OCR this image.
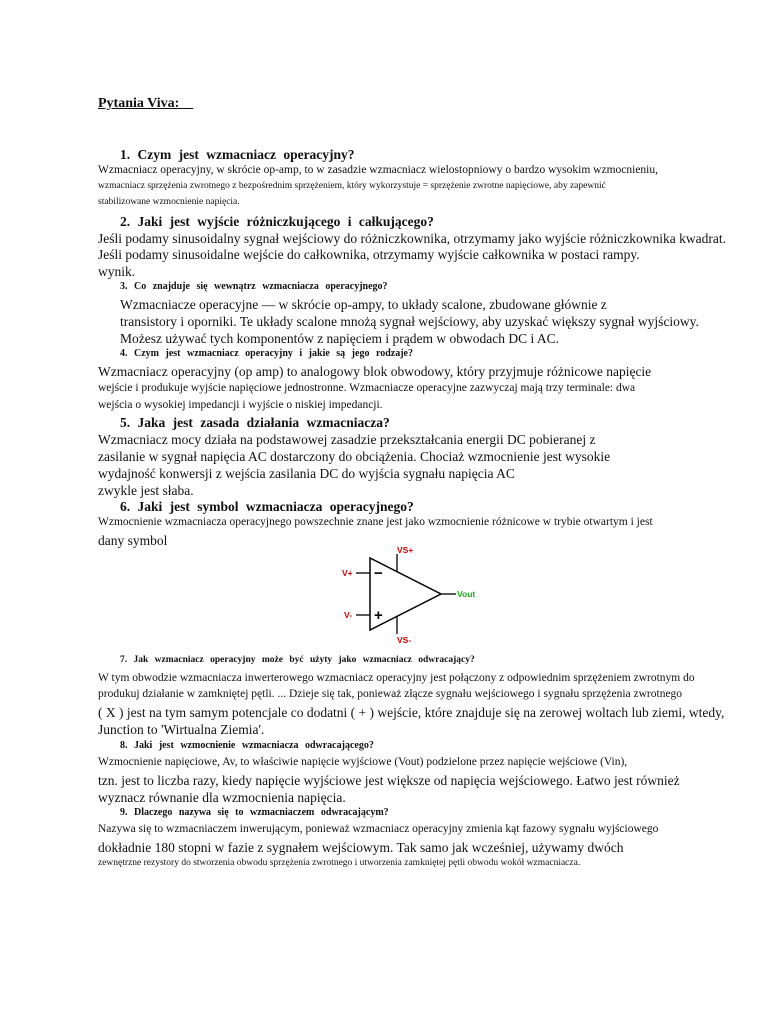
Pytania Viva:
1. Czym jest wzmacniacz operacyjny?
Wzmacniacz operacyjny, w skrócie op-amp, to w zasadzie wzmacniacz wielostopniowy o bardzo wysokim wzmocnieniu,
wzmacniacz sprzężenia zwrotnego z bezpośrednim sprzężeniem, który wykorzystuje = sprzężenie zwrotne napięciowe, aby zapewnić
stabilizowane wzmocnienie napięcia.
2. Jaki jest wyjście różniczkującego i całkującego?
Jeśli podamy sinusoidalny sygnał wejściowy do różniczkownika, otrzymamy jako wyjście różniczkownika kwadrat.
Jeśli podamy sinusoidalne wejście do całkownika, otrzymamy wyjście całkownika w postaci rampy.
wynik.
3. Co znajduje się wewnątrz wzmacniacza operacyjnego?
Wzmacniacze operacyjne — w skrócie op-ampy, to układy scalone, zbudowane głównie z
transistory i oporniki. Te układy scalone mnożą sygnał wejściowy, aby uzyskać większy sygnał wyjściowy.
Możesz używać tych komponentów z napięciem i prądem w obwodach DC i AC.
4. Czym jest wzmacniacz operacyjny i jakie są jego rodzaje?
Wzmacniacz operacyjny (op amp) to analogowy blok obwodowy, który przyjmuje różnicowe napięcie
wejście i produkuje wyjście napięciowe jednostronne. Wzmacniacze operacyjne zazwyczaj mają trzy terminale: dwa
wejścia o wysokiej impedancji i wyjście o niskiej impedancji.
5. Jaka jest zasada działania wzmacniacza?
Wzmacniacz mocy działa na podstawowej zasadzie przekształcania energii DC pobieranej z
zasilanie w sygnał napięcia AC dostarczony do obciążenia. Chociaż wzmocnienie jest wysokie
wydajność konwersji z wejścia zasilania DC do wyjścia sygnału napięcia AC
zwykle jest słaba.
6. Jaki jest symbol wzmacniacza operacyjnego?
Wzmocnienie wzmacniacza operacyjnego powszechnie znane jest jako wzmocnienie różnicowe w trybie otwartym i jest
dany symbol
VS+
VS-
V+
V-
Vout
−
+
7. Jak wzmacniacz operacyjny może być użyty jako wzmacniacz odwracający?
W tym obwodzie wzmacniacza inwerterowego wzmacniacz operacyjny jest połączony z odpowiednim sprzężeniem zwrotnym do
produkuj działanie w zamkniętej pętli. ... Dzieje się tak, ponieważ złącze sygnału wejściowego i sygnału sprzężenia zwrotnego
( X ) jest na tym samym potencjale co dodatni ( + ) wejście, które znajduje się na zerowej woltach lub ziemi, wtedy,
Junction to 'Wirtualna Ziemia'.
8. Jaki jest wzmocnienie wzmacniacza odwracającego?
Wzmocnienie napięciowe, Av, to właściwie napięcie wyjściowe (Vout) podzielone przez napięcie wejściowe (Vin),
tzn. jest to liczba razy, kiedy napięcie wyjściowe jest większe od napięcia wejściowego. Łatwo jest również
wyznacz równanie dla wzmocnienia napięcia.
9. Dlaczego nazywa się to wzmacniaczem odwracającym?
Nazywa się to wzmacniaczem inwerującym, ponieważ wzmacniacz operacyjny zmienia kąt fazowy sygnału wyjściowego
dokładnie 180 stopni w fazie z sygnałem wejściowym. Tak samo jak wcześniej, używamy dwóch
zewnętrzne rezystory do stworzenia obwodu sprzężenia zwrotnego i utworzenia zamkniętej pętli obwodu wokół wzmacniacza.
